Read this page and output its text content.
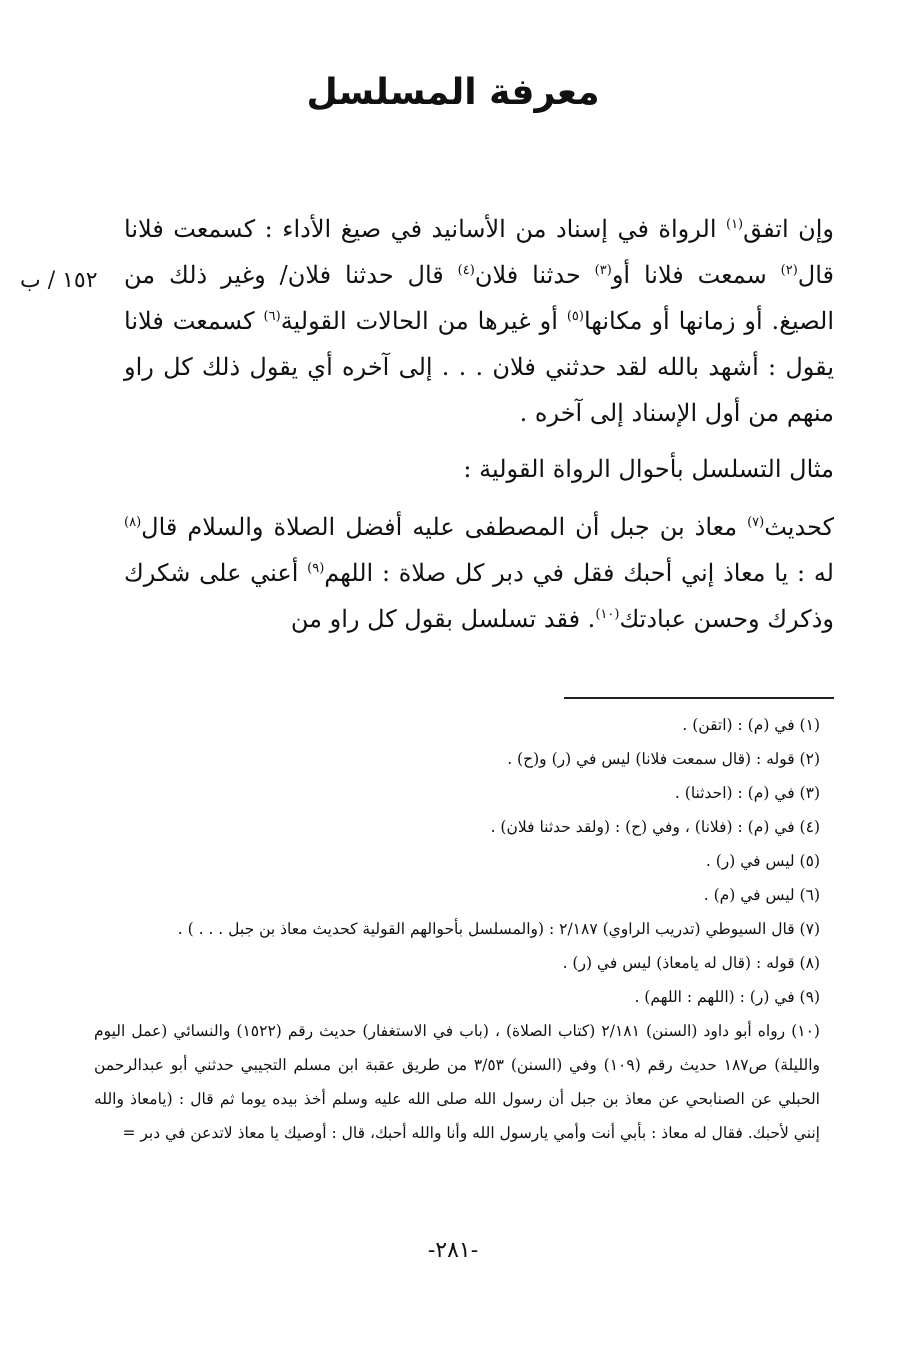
معرفة المسلسل
١٥٢ / ب

وإن اتفق$^{(١)}$ الرواة في إسناد من الأسانيد في صيغ الأداء : كسمعت فلانا قال$^{(٢)}$ سمعت فلانا أو$^{(٣)}$ حدثنا فلان$^{(٤)}$ قال حدثنا فلان/ وغير ذلك من الصيغ. أو زمانها أو مكانها$^{(٥)}$ أو غيرها من الحالات القولية$^{(٦)}$ كسمعت فلانا يقول : أشهد بالله لقد حدثني فلان . . . إلى آخره أي يقول ذلك كل راو منهم من أول الإسناد إلى آخره .

مثال التسلسل بأحوال الرواة القولية :

كحديث$^{(٧)}$ معاذ بن جبل أن المصطفى عليه أفضل الصلاة والسلام قال$^{(٨)}$ له : يا معاذ إني أحبك فقل في دبر كل صلاة : اللهم$^{(٩)}$ أعني على شكرك وذكرك وحسن عبادتك$^{(١٠)}$. فقد تسلسل بقول كل راو من

(١) في (م) : (اتقن) .
(٢) قوله : (قال سمعت فلانا) ليس في (ر) و(ح) .
(٣) في (م) : (احدثنا) .
(٤) في (م) : (فلانا) ، وفي (ح) : (ولقد حدثنا فلان) .
(٥) ليس في (ر) .
(٦) ليس في (م) .
(٧) قال السيوطي (تدريب الراوي) ٢/١٨٧ : (والمسلسل بأحوالهم القولية كحديث معاذ بن جبل . . . ) .
(٨) قوله : (قال له يامعاذ) ليس في (ر) .
(٩) في (ر) : (اللهم : اللهم) .
(١٠) رواه أبو داود (السنن) ٢/١٨١ (كتاب الصلاة) ، (باب في الاستغفار) حديث رقم (١٥٢٢) والنسائي (عمل اليوم والليلة) ص١٨٧ حديث رقم (١٠٩) وفي (السنن) ٣/٥٣ من طريق عقبة ابن مسلم التجيبي حدثني أبو عبدالرحمن الحبلي عن الصنابحي عن معاذ بن جبل أن رسول الله صلى الله عليه وسلم أخذ بيده يوما ثم قال : (يامعاذ والله إنني لأحبك. فقال له معاذ : بأبي أنت وأمي يارسول الله وأنا والله أحبك، قال : أوصيك يا معاذ لاتدعن في دبر =
-٢٨١-
